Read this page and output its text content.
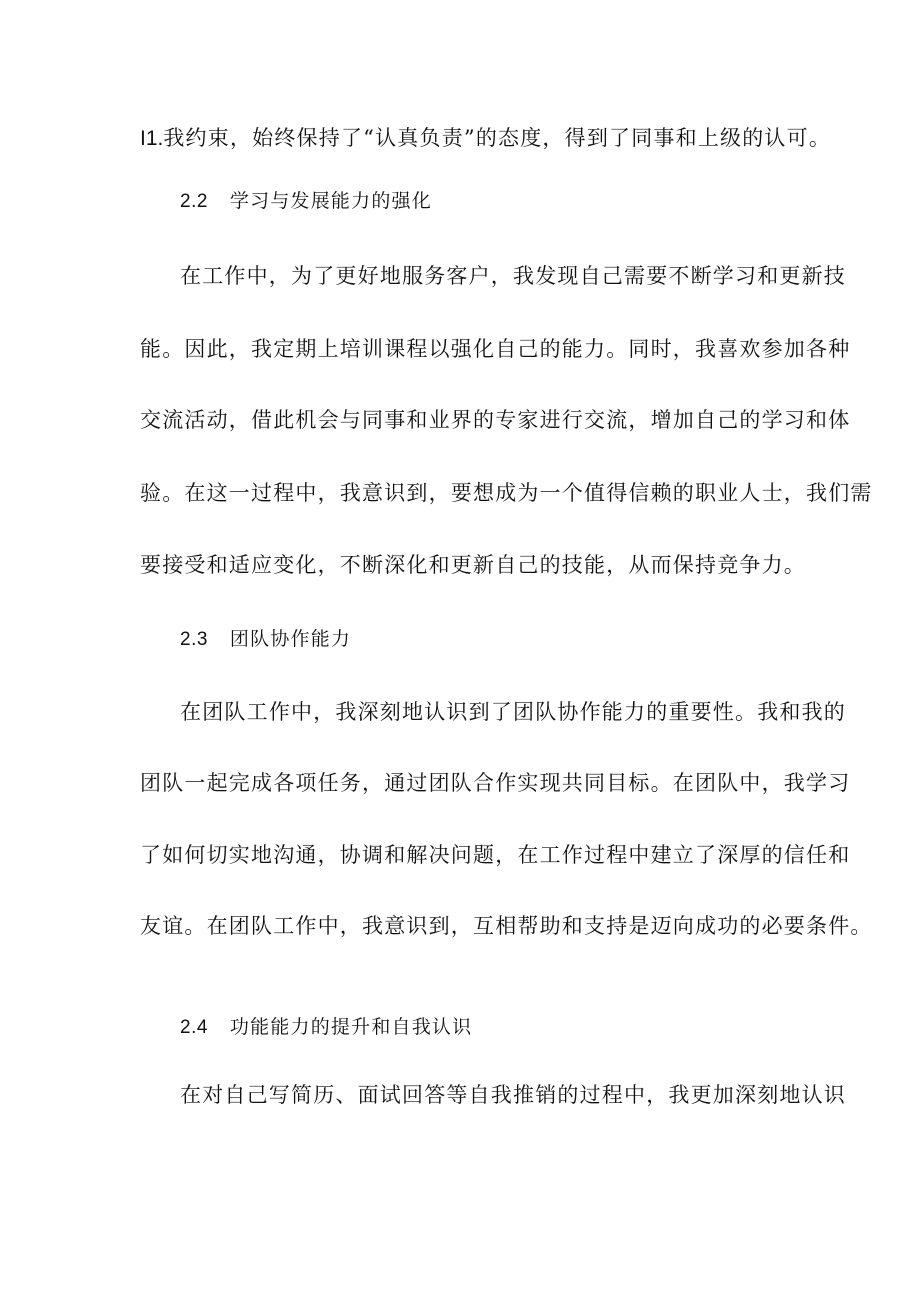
I1.我约束，始终保持了“认真负责”的态度，得到了同事和上级的认可。
2.2 学习与发展能力的强化
在工作中，为了更好地服务客户，我发现自己需要不断学习和更新技
能。因此，我定期上培训课程以强化自己的能力。同时，我喜欢参加各种
交流活动，借此机会与同事和业界的专家进行交流，增加自己的学习和体
验。在这一过程中，我意识到，要想成为一个值得信赖的职业人士，我们需
要接受和适应变化，不断深化和更新自己的技能，从而保持竞争力。
2.3 团队协作能力
在团队工作中，我深刻地认识到了团队协作能力的重要性。我和我的
团队一起完成各项任务，通过团队合作实现共同目标。在团队中，我学习
了如何切实地沟通，协调和解决问题，在工作过程中建立了深厚的信任和
友谊。在团队工作中，我意识到，互相帮助和支持是迈向成功的必要条件。
2.4 功能能力的提升和自我认识
在对自己写简历、面试回答等自我推销的过程中，我更加深刻地认识
